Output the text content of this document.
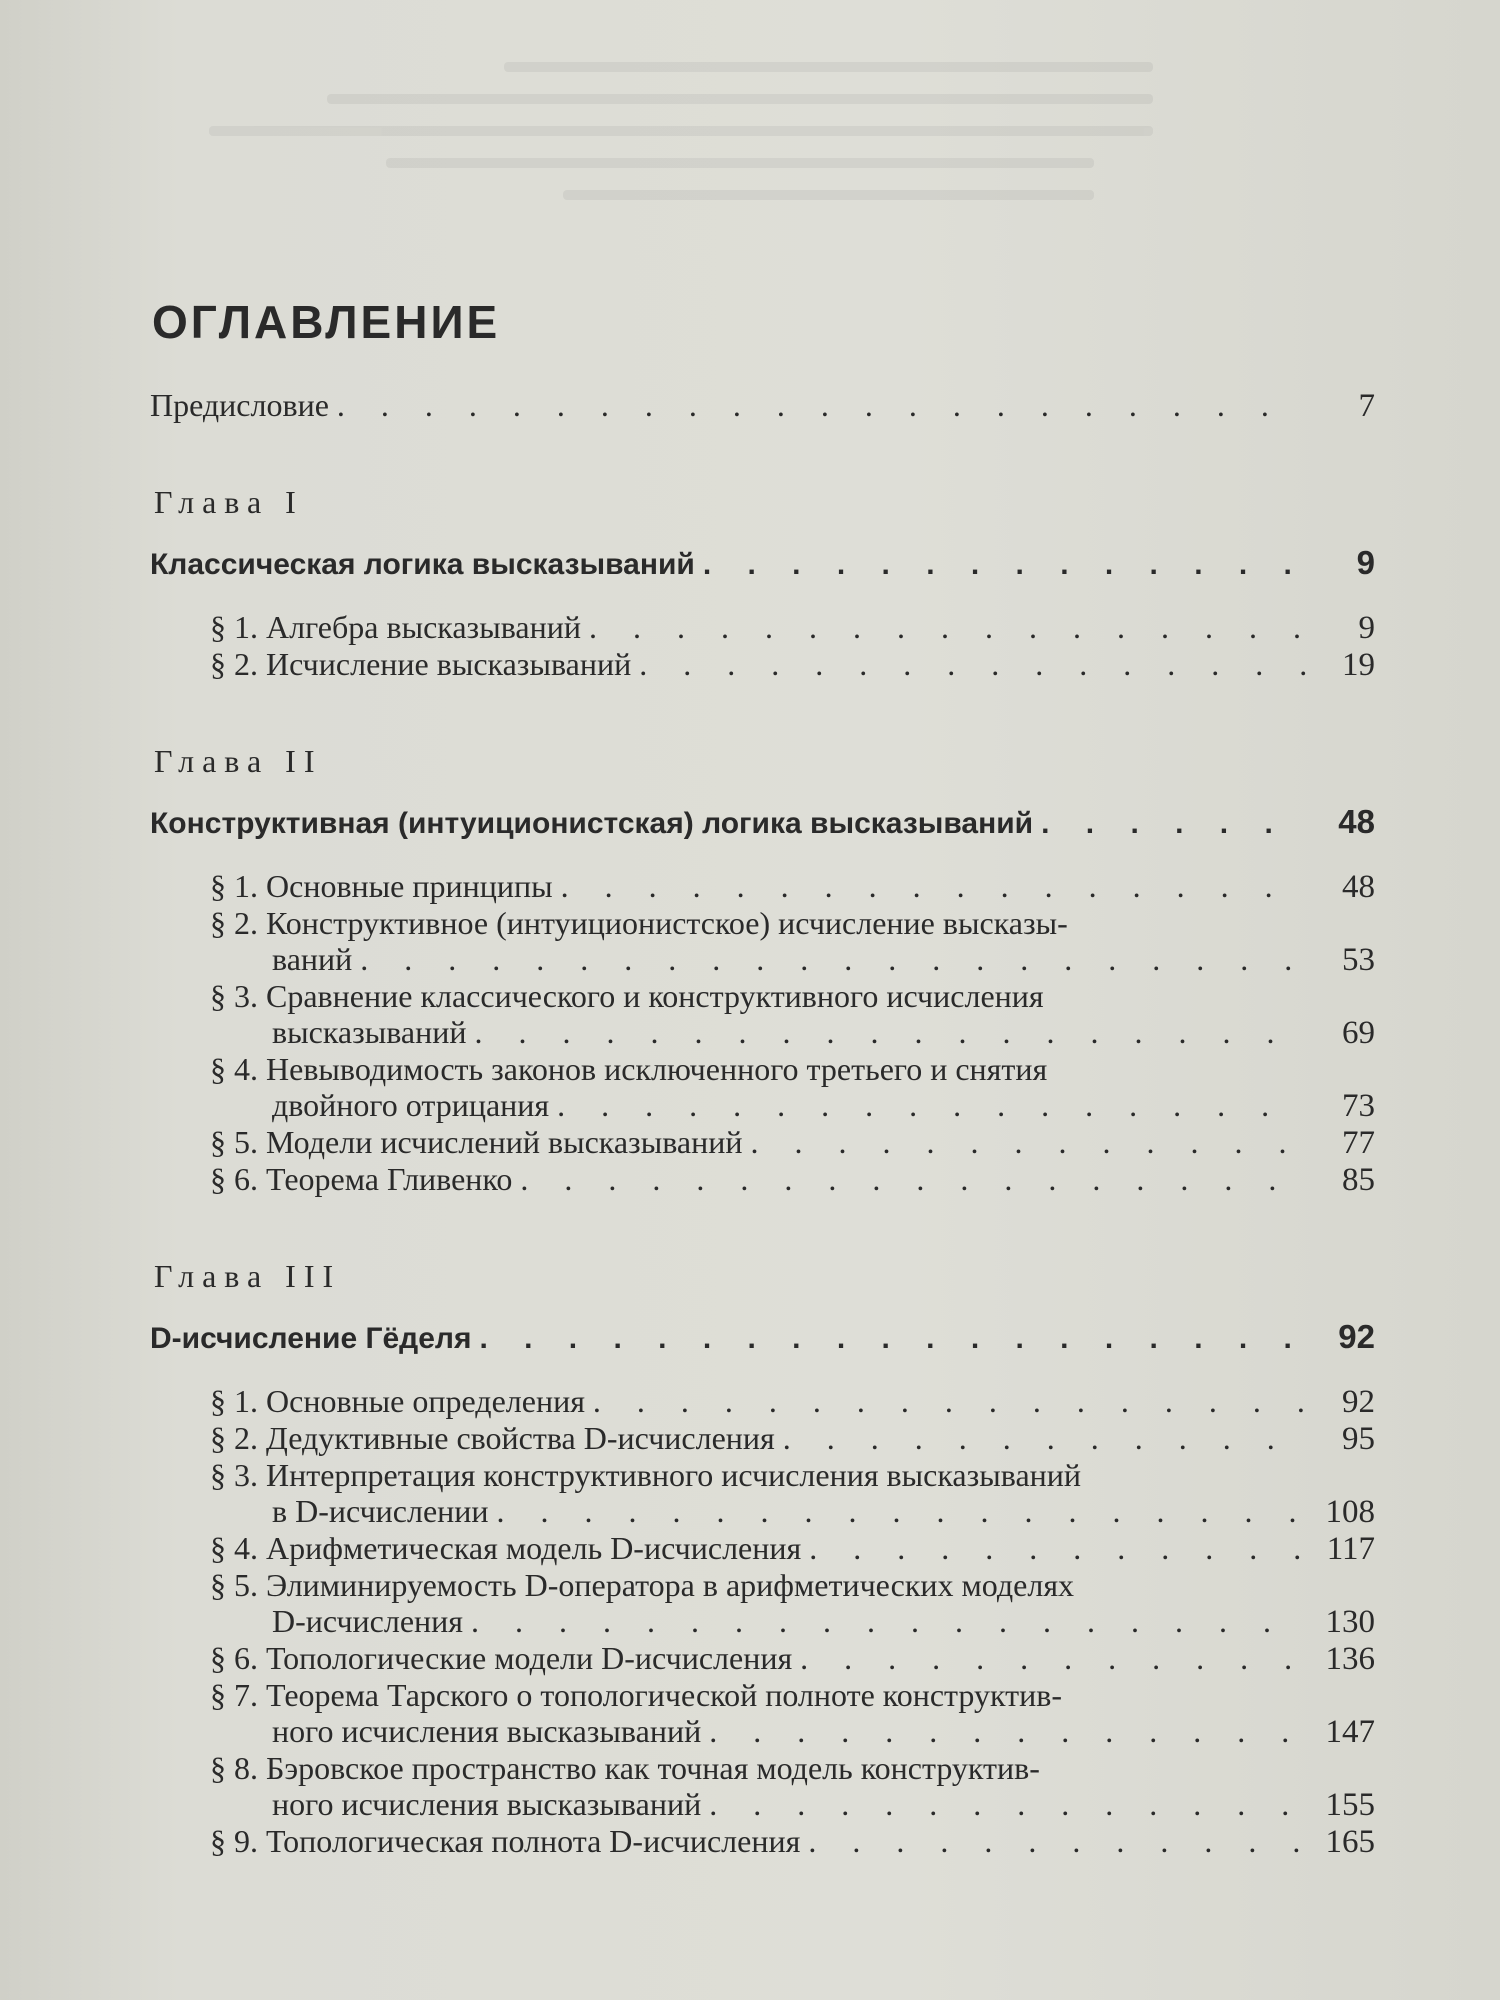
ОГЛАВЛЕНИЕ
Предисловие . . .	7
Глава I
Классическая логика высказываний . . .	9
§ 1. Алгебра высказываний . . .	9
§ 2. Исчисление высказываний . . .	19
Глава II
Конструктивная (интуиционистская) логика высказываний . . .	48
§ 1. Основные принципы . . .	48
§ 2. Конструктивное (интуиционистское) исчисление высказы-
ваний . . .	53
§ 3. Сравнение классического и конструктивного исчисления
высказываний . . .	69
§ 4. Невыводимость законов исключенного третьего и снятия
двойного отрицания . . .	73
§ 5. Модели исчислений высказываний . . .	77
§ 6. Теорема Гливенко . . .	85
Глава III
D-исчисление Гёделя . . .	92
§ 1. Основные определения . . .	92
§ 2. Дедуктивные свойства D-исчисления . . .	95
§ 3. Интерпретация конструктивного исчисления высказываний
в D-исчислении . . .	108
§ 4. Арифметическая модель D-исчисления . . .	117
§ 5. Элиминируемость D-оператора в арифметических моделях
D-исчисления . . .	130
§ 6. Топологические модели D-исчисления . . .	136
§ 7. Теорема Тарского о топологической полноте конструктив-
ного исчисления высказываний . . .	147
§ 8. Бэровское пространство как точная модель конструктив-
ного исчисления высказываний . . .	155
§ 9. Топологическая полнота D-исчисления . . .	165
